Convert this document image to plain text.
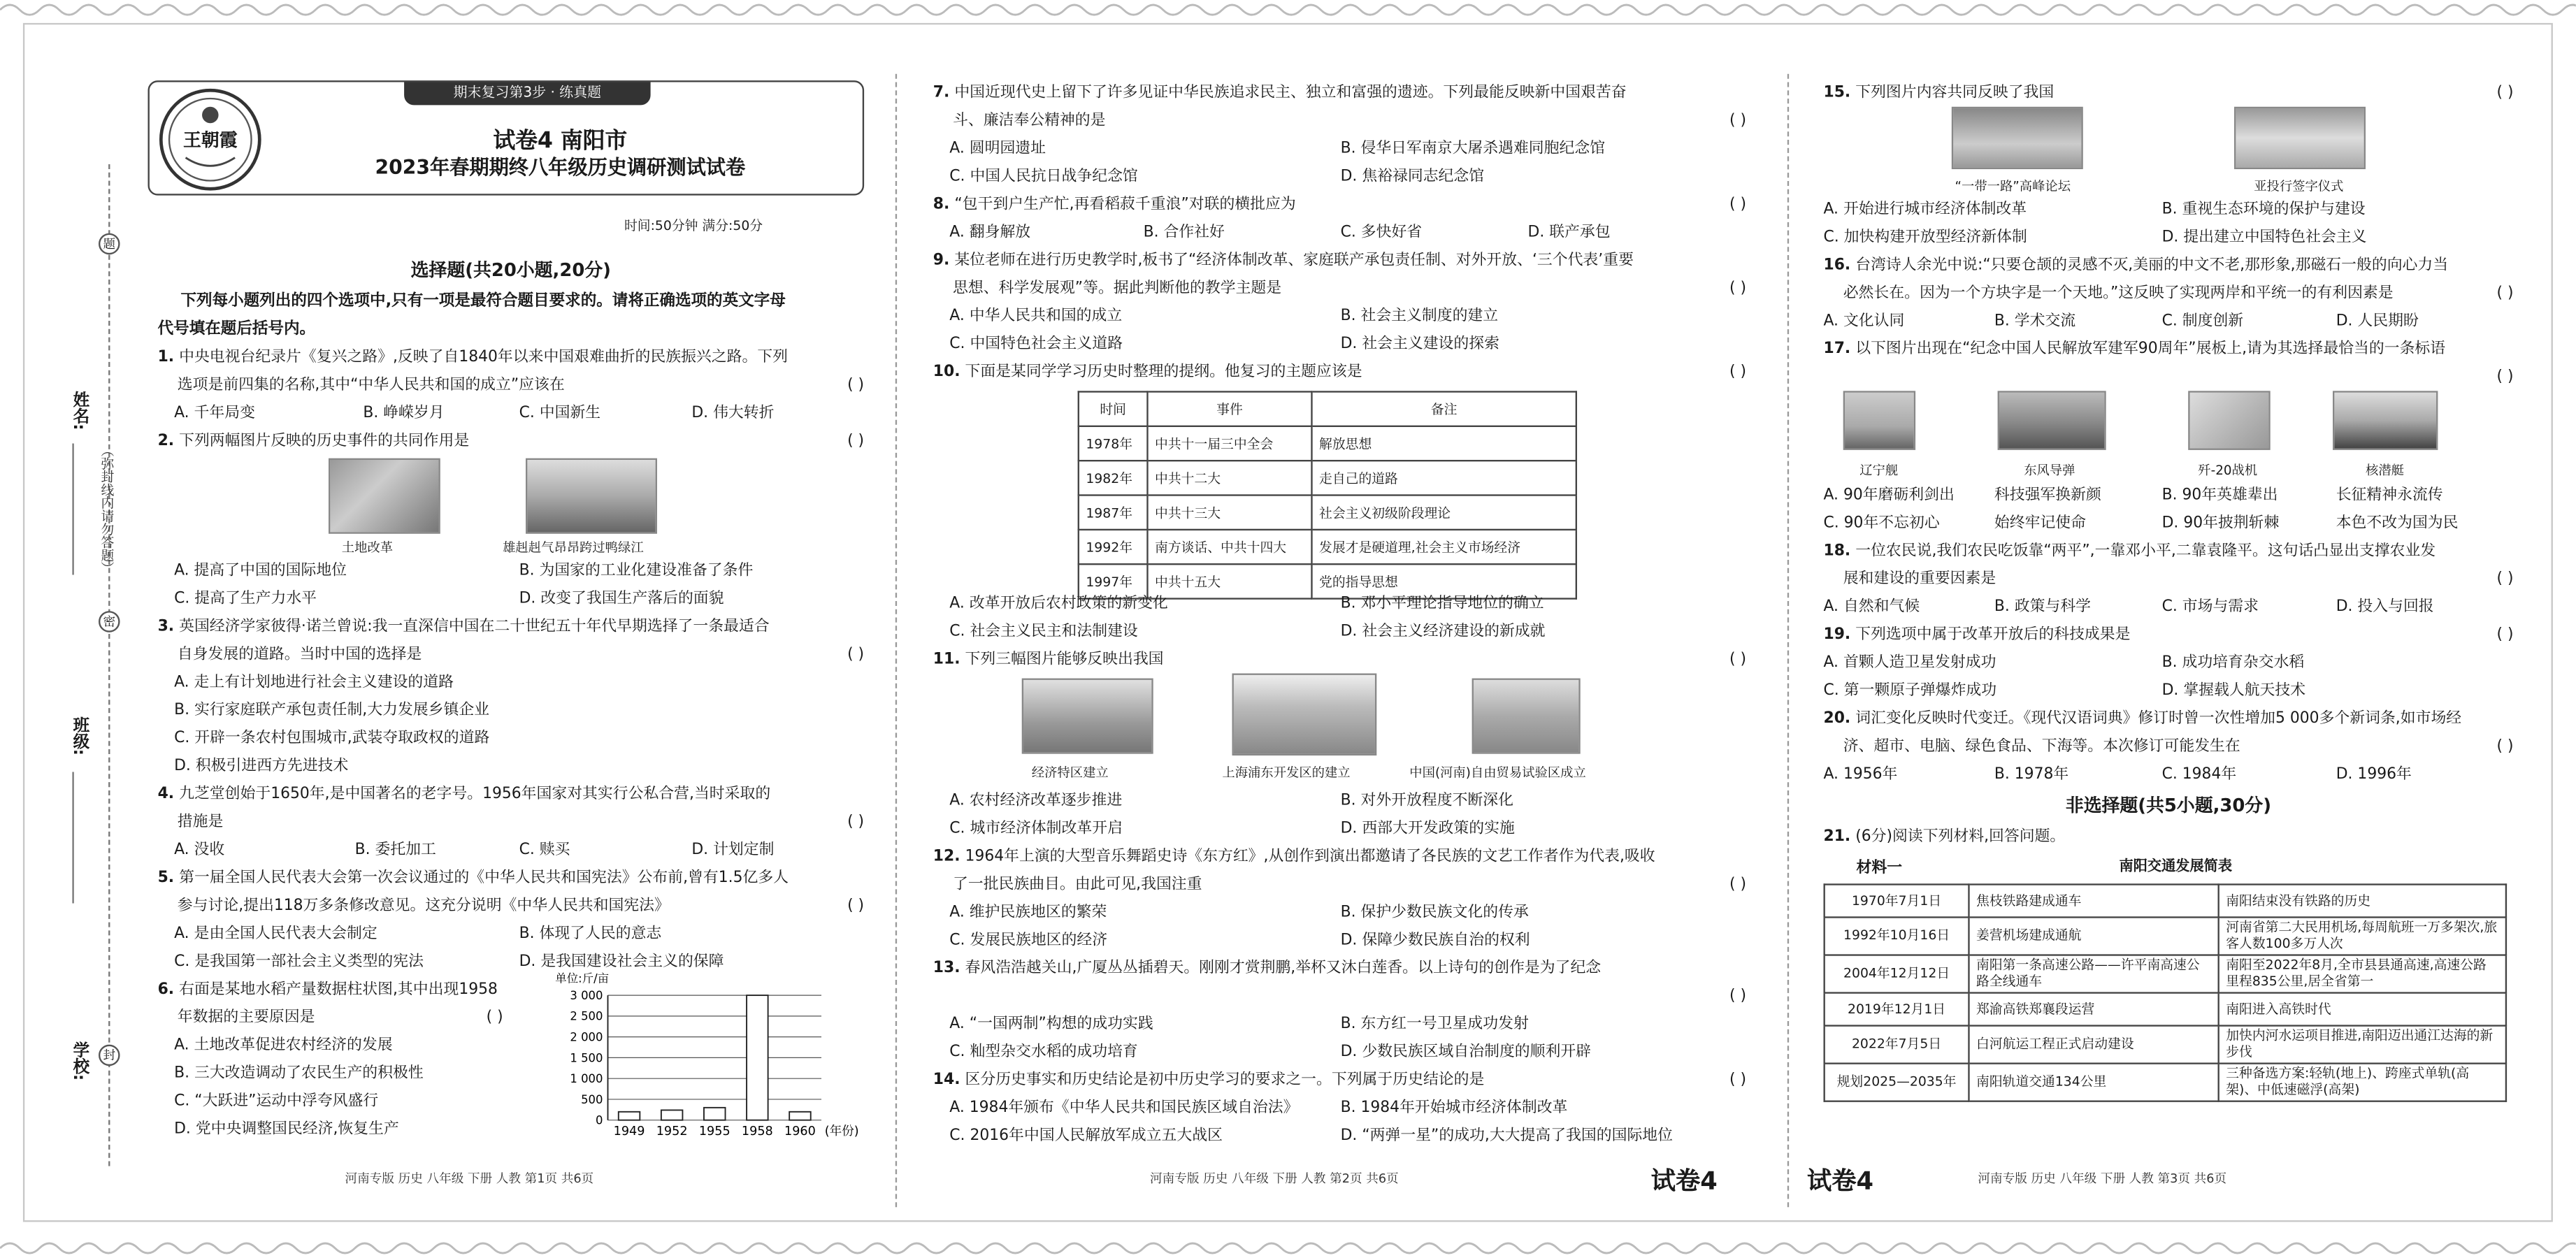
姓名:
班级:
学校:
（弥封线内请勿答题）
题
密
封
期末复习第3步 · 练真题
王朝霞	试卷4 南阳市
2023年春期期终八年级历史调研测试试卷
时间:50分钟 满分:50分
选择题(共20小题,20分)

下列每小题列出的四个选项中,只有一项是最符合题目要求的。请将正确选项的英文字母

代号填在题后括号内。

1. 中央电视台纪录片《复兴之路》,反映了自1840年以来中国艰难曲折的民族振兴之路。下列

选项是前四集的名称,其中“中华人民共和国的成立”应该在	( )

A. 千年局变	B. 峥嵘岁月	C. 中国新生	D. 伟大转折

2. 下列两幅图片反映的历史事件的共同作用是	( )

土地改革	雄赳赳气昂昂跨过鸭绿江
A. 提高了中国的国际地位	B. 为国家的工业化建设准备了条件
C. 提高了生产力水平	D. 改变了我国生产落后的面貌

3. 英国经济学家彼得·诺兰曾说:我一直深信中国在二十世纪五十年代早期选择了一条最适合

自身发展的道路。当时中国的选择是	( )

A. 走上有计划地进行社会主义建设的道路

B. 实行家庭联产承包责任制,大力发展乡镇企业

C. 开辟一条农村包围城市,武装夺取政权的道路

D. 积极引进西方先进技术

4. 九芝堂创始于1650年,是中国著名的老字号。1956年国家对其实行公私合营,当时采取的

措施是	( )

A. 没收	B. 委托加工	C. 赎买	D. 计划定制

5. 第一届全国人民代表大会第一次会议通过的《中华人民共和国宪法》公布前,曾有1.5亿多人

参与讨论,提出118万多条修改意见。这充分说明《中华人民共和国宪法》	( )

A. 是由全国人民代表大会制定	B. 体现了人民的意志
C. 是我国第一部社会主义类型的宪法	D. 是我国建设社会主义的保障

6. 右面是某地水稻产量数据柱状图,其中出现1958

年数据的主要原因是	( )

A. 土地改革促进农村经济的发展

B. 三大改造调动了农民生产的积极性

C. “大跃进”运动中浮夸风盛行

D. 党中央调整国民经济,恢复生产

单位:斤/亩
3 000
2 500
2 000
1 500
1 000
500
0
1949 1952 1955 1958 1960 (年份)
河南专版 历史 八年级 下册 人教 第1页 共6页

7. 中国近现代史上留下了许多见证中华民族追求民主、独立和富强的遗迹。下列最能反映新中国艰苦奋

斗、廉洁奉公精神的是	( )

A. 圆明园遗址	B. 侵华日军南京大屠杀遇难同胞纪念馆
C. 中国人民抗日战争纪念馆	D. 焦裕禄同志纪念馆

8. “包干到户生产忙,再看稻菽千重浪”对联的横批应为	( )

A. 翻身解放	B. 合作社好	C. 多快好省	D. 联产承包

9. 某位老师在进行历史教学时,板书了“经济体制改革、家庭联产承包责任制、对外开放、‘三个代表’重要

思想、科学发展观”等。据此判断他的教学主题是	( )

A. 中华人民共和国的成立	B. 社会主义制度的建立
C. 中国特色社会主义道路	D. 社会主义建设的探索

10. 下面是某同学学习历史时整理的提纲。他复习的主题应该是	( )

时间	事件	备注
1978年	中共十一届三中全会	解放思想
1982年	中共十二大	走自己的道路
1987年	中共十三大	社会主义初级阶段理论
1992年	南方谈话、中共十四大	发展才是硬道理,社会主义市场经济
1997年	中共十五大	党的指导思想
A. 改革开放后农村政策的新变化	B. 邓小平理论指导地位的确立
C. 社会主义民主和法制建设	D. 社会主义经济建设的新成就

11. 下列三幅图片能够反映出我国	( )

经济特区建立	上海浦东开发区的建立	中国(河南)自由贸易试验区成立
A. 农村经济改革逐步推进	B. 对外开放程度不断深化
C. 城市经济体制改革开启	D. 西部大开发政策的实施

12. 1964年上演的大型音乐舞蹈史诗《东方红》,从创作到演出都邀请了各民族的文艺工作者作为代表,吸收

了一批民族曲目。由此可见,我国注重	( )

A. 维护民族地区的繁荣	B. 保护少数民族文化的传承
C. 发展民族地区的经济	D. 保障少数民族自治的权利

13. 春风浩浩越关山,广厦丛丛插碧天。刚刚才赏荆鹏,举杯又沐白莲香。以上诗句的创作是为了纪念

( )

A. “一国两制”构想的成功实践	B. 东方红一号卫星成功发射
C. 籼型杂交水稻的成功培育	D. 少数民族区域自治制度的顺利开辟

14. 区分历史事实和历史结论是初中历史学习的要求之一。下列属于历史结论的是	( )

A. 1984年颁布《中华人民共和国民族区域自治法》	B. 1984年开始城市经济体制改革
C. 2016年中国人民解放军成立五大战区	D. “两弹一星”的成功,大大提高了我国的国际地位
河南专版 历史 八年级 下册 人教 第2页 共6页	试卷4

15. 下列图片内容共同反映了我国	( )

“一带一路”高峰论坛	亚投行签字仪式
A. 开始进行城市经济体制改革	B. 重视生态环境的保护与建设
C. 加快构建开放型经济新体制	D. 提出建立中国特色社会主义

16. 台湾诗人余光中说:“只要仓颉的灵感不灭,美丽的中文不老,那形象,那磁石一般的向心力当

必然长在。因为一个方块字是一个天地。”这反映了实现两岸和平统一的有利因素是	( )

A. 文化认同	B. 学术交流	C. 制度创新	D. 人民期盼

17. 以下图片出现在“纪念中国人民解放军建军90周年”展板上,请为其选择最恰当的一条标语

( )

辽宁舰	东风导弹	歼-20战机	核潜艇
A. 90年磨砺利剑出	科技强军换新颜	B. 90年英雄辈出	长征精神永流传
C. 90年不忘初心	始终牢记使命	D. 90年披荆斩棘	本色不改为国为民

18. 一位农民说,我们农民吃饭靠“两平”,一靠邓小平,二靠袁隆平。这句话凸显出支撑农业发

展和建设的重要因素是	( )

A. 自然和气候	B. 政策与科学	C. 市场与需求	D. 投入与回报

19. 下列选项中属于改革开放后的科技成果是	( )

A. 首颗人造卫星发射成功	B. 成功培育杂交水稻
C. 第一颗原子弹爆炸成功	D. 掌握载人航天技术

20. 词汇变化反映时代变迁。《现代汉语词典》修订时曾一次性增加5 000多个新词条,如市场经

济、超市、电脑、绿色食品、下海等。本次修订可能发生在	( )

A. 1956年	B. 1978年	C. 1984年	D. 1996年
非选择题(共5小题,30分)

21. (6分)阅读下列材料,回答问题。

材料一	南阳交通发展简表
1970年7月1日	焦枝铁路建成通车	南阳结束没有铁路的历史
1992年10月16日	姜营机场建成通航	河南省第二大民用机场,每周航班一万多架次,旅客人数100多万人次
2004年12月12日	南阳第一条高速公路——许平南高速公路全线通车	南阳至2022年8月,全市县县通高速,高速公路里程835公里,居全省第一
2019年12月1日	郑渝高铁郑襄段运营	南阳进入高铁时代
2022年7月5日	白河航运工程正式启动建设	加快内河水运项目推进,南阳迈出通江达海的新步伐
规划2025—2035年	南阳轨道交通134公里	三种备选方案:轻轨(地上)、跨座式单轨(高架)、中低速磁浮(高架)
试卷4	河南专版 历史 八年级 下册 人教 第3页 共6页
